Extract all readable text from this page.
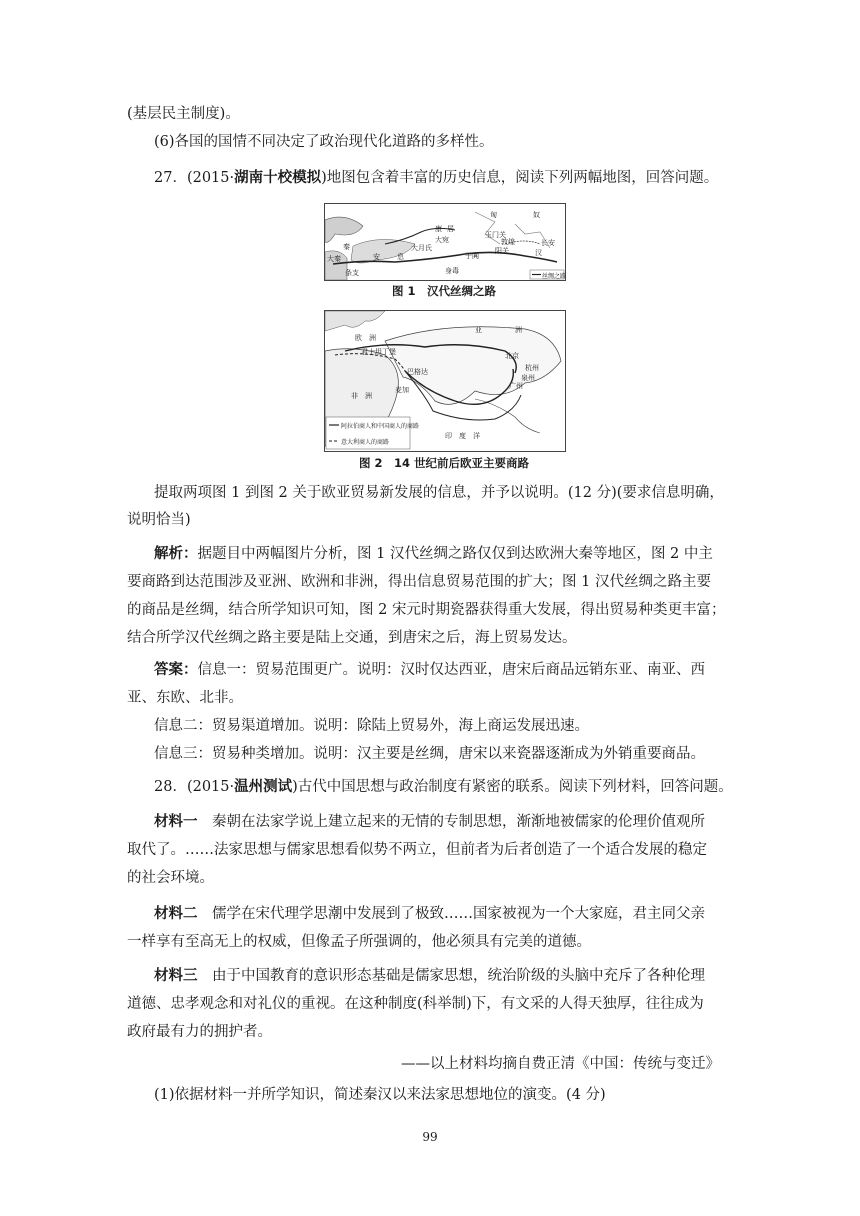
(基层民主制度)。
(6)各国的国情不同决定了政治现代化道路的多样性。
27．(2015·湖南十校模拟)地图包含着丰富的历史信息，阅读下列两幅地图，回答问题。
匈	奴
康 居
大宛
大月氏
玉门关
敦煌
阳关
于阗
安 息
秦
条支
大秦
身毒
汉
长安
丝绸之路
图 1　汉代丝绸之路
欧 洲
亚	洲
非 洲
印 度 洋
北京
杭州
泉州
广州
巴格达
麦加
君士坦丁堡
阿拉伯商人和中国商人的商路
意大利商人的商路
图 2　14 世纪前后欧亚主要商路
提取两项图 1 到图 2 关于欧亚贸易新发展的信息，并予以说明。(12 分)(要求信息明确，
说明恰当)
解析：据题目中两幅图片分析，图 1 汉代丝绸之路仅仅到达欧洲大秦等地区，图 2 中主
要商路到达范围涉及亚洲、欧洲和非洲，得出信息贸易范围的扩大；图 1 汉代丝绸之路主要
的商品是丝绸，结合所学知识可知，图 2 宋元时期瓷器获得重大发展，得出贸易种类更丰富；
结合所学汉代丝绸之路主要是陆上交通，到唐宋之后，海上贸易发达。
答案：信息一：贸易范围更广。说明：汉时仅达西亚，唐宋后商品远销东亚、南亚、西
亚、东欧、北非。
信息二：贸易渠道增加。说明：除陆上贸易外，海上商运发展迅速。
信息三：贸易种类增加。说明：汉主要是丝绸，唐宋以来瓷器逐渐成为外销重要商品。
28．(2015·温州测试)古代中国思想与政治制度有紧密的联系。阅读下列材料，回答问题。
材料一　秦朝在法家学说上建立起来的无情的专制思想，渐渐地被儒家的伦理价值观所
取代了。……法家思想与儒家思想看似势不两立，但前者为后者创造了一个适合发展的稳定
的社会环境。
材料二　儒学在宋代理学思潮中发展到了极致……国家被视为一个大家庭，君主同父亲
一样享有至高无上的权威，但像孟子所强调的，他必须具有完美的道德。
材料三　由于中国教育的意识形态基础是儒家思想，统治阶级的头脑中充斥了各种伦理
道德、忠孝观念和对礼仪的重视。在这种制度(科举制)下，有文采的人得天独厚，往往成为
政府最有力的拥护者。
——以上材料均摘自费正清《中国：传统与变迁》
(1)依据材料一并所学知识，简述秦汉以来法家思想地位的演变。(4 分)
99
